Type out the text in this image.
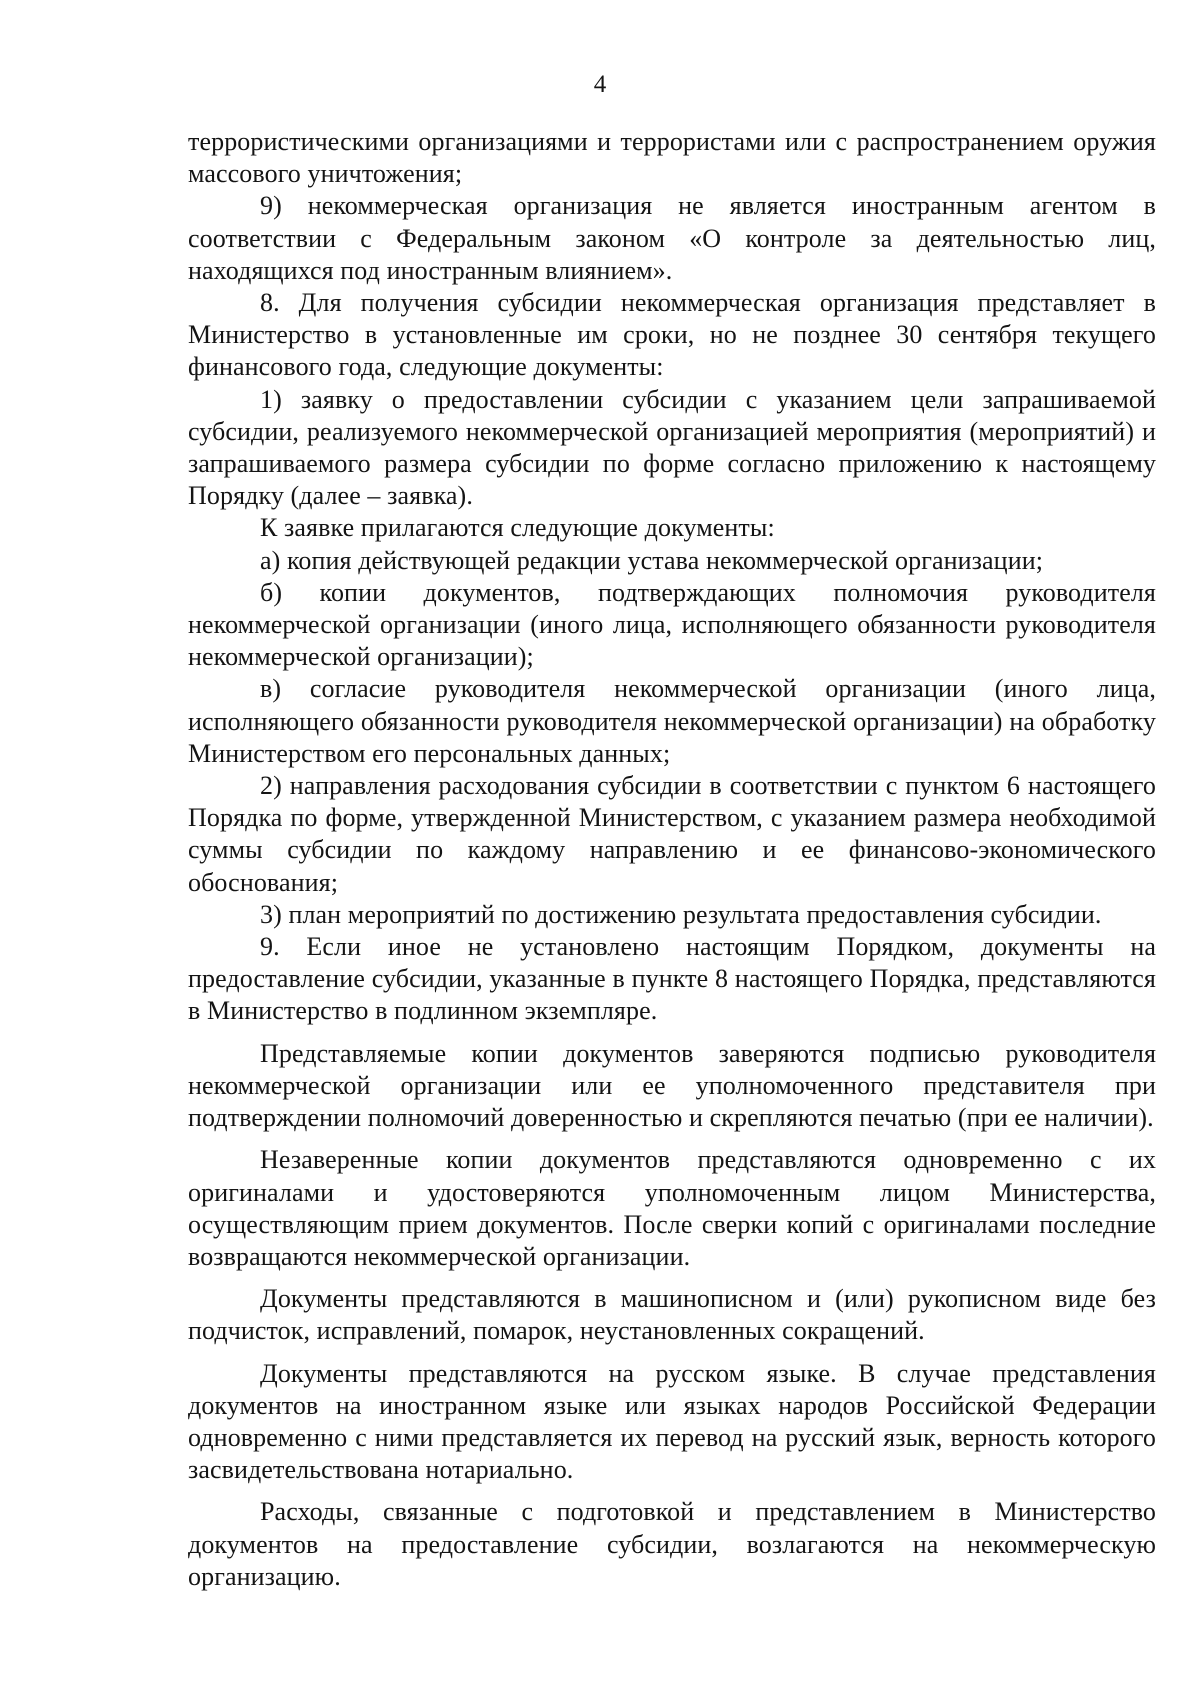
4

террористическими организациями и террористами или с распространением оружия массового уничтожения;

9) некоммерческая организация не является иностранным агентом в соответствии с Федеральным законом «О контроле за деятельностью лиц, находящихся под иностранным влиянием».

8. Для получения субсидии некоммерческая организация представляет в Министерство в установленные им сроки, но не позднее 30 сентября текущего финансового года, следующие документы:

1) заявку о предоставлении субсидии с указанием цели запрашиваемой субсидии, реализуемого некоммерческой организацией мероприятия (мероприятий) и запрашиваемого размера субсидии по форме согласно приложению к настоящему Порядку (далее – заявка).

К заявке прилагаются следующие документы:

а) копия действующей редакции устава некоммерческой организации;

б) копии документов, подтверждающих полномочия руководителя некоммерческой организации (иного лица, исполняющего обязанности руководителя некоммерческой организации);

в) согласие руководителя некоммерческой организации (иного лица, исполняющего обязанности руководителя некоммерческой организации) на обработку Министерством его персональных данных;

2) направления расходования субсидии в соответствии с пунктом 6 настоящего Порядка по форме, утвержденной Министерством, с указанием размера необходимой суммы субсидии по каждому направлению и ее финансово-экономического обоснования;

3) план мероприятий по достижению результата предоставления субсидии.

9. Если иное не установлено настоящим Порядком, документы на предоставление субсидии, указанные в пункте 8 настоящего Порядка, представляются в Министерство в подлинном экземпляре.

Представляемые копии документов заверяются подписью руководителя некоммерческой организации или ее уполномоченного представителя при подтверждении полномочий доверенностью и скрепляются печатью (при ее наличии).

Незаверенные копии документов представляются одновременно с их оригиналами и удостоверяются уполномоченным лицом Министерства, осуществляющим прием документов. После сверки копий с оригиналами последние возвращаются некоммерческой организации.

Документы представляются в машинописном и (или) рукописном виде без подчисток, исправлений, помарок, неустановленных сокращений.

Документы представляются на русском языке. В случае представления документов на иностранном языке или языках народов Российской Федерации одновременно с ними представляется их перевод на русский язык, верность которого засвидетельствована нотариально.

Расходы, связанные с подготовкой и представлением в Министерство документов на предоставление субсидии, возлагаются на некоммерческую организацию.
